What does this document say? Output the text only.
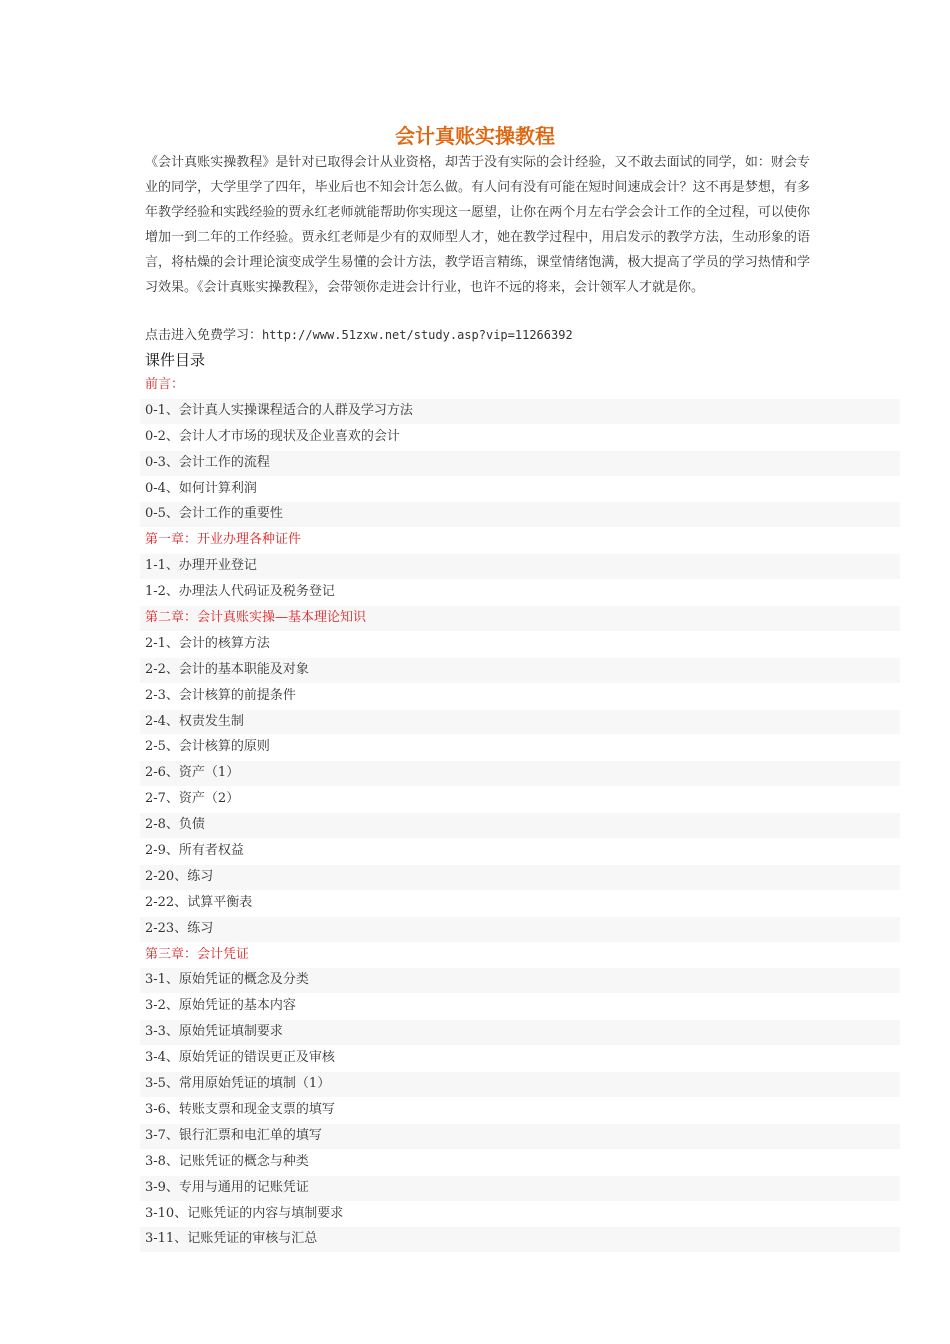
会计真账实操教程

《会计真账实操教程》是针对已取得会计从业资格，却苦于没有实际的会计经验，又不敢去面试的同学，如：财会专业的同学，大学里学了四年，毕业后也不知会计怎么做。有人问有没有可能在短时间速成会计？这不再是梦想，有多年教学经验和实践经验的贾永红老师就能帮助你实现这一愿望，让你在两个月左右学会会计工作的全过程，可以使你增加一到二年的工作经验。贾永红老师是少有的双师型人才，她在教学过程中，用启发示的教学方法，生动形象的语言，将枯燥的会计理论演变成学生易懂的会计方法，教学语言精练，课堂情绪饱满，极大提高了学员的学习热情和学习效果。《会计真账实操教程》，会带领你走进会计行业，也许不远的将来，会计领军人才就是你。

点击进入免费学习：http://www.51zxw.net/study.asp?vip=11266392
课件目录
前言：
0-1、会计真人实操课程适合的人群及学习方法
0-2、会计人才市场的现状及企业喜欢的会计
0-3、会计工作的流程
0-4、如何计算利润
0-5、会计工作的重要性
第一章：开业办理各种证件
1-1、办理开业登记
1-2、办理法人代码证及税务登记
第二章：会计真账实操—基本理论知识
2-1、会计的核算方法
2-2、会计的基本职能及对象
2-3、会计核算的前提条件
2-4、权责发生制
2-5、会计核算的原则
2-6、资产（1）
2-7、资产（2）
2-8、负债
2-9、所有者权益
2-20、练习
2-22、试算平衡表
2-23、练习
第三章：会计凭证
3-1、原始凭证的概念及分类
3-2、原始凭证的基本内容
3-3、原始凭证填制要求
3-4、原始凭证的错误更正及审核
3-5、常用原始凭证的填制（1）
3-6、转账支票和现金支票的填写
3-7、银行汇票和电汇单的填写
3-8、记账凭证的概念与种类
3-9、专用与通用的记账凭证
3-10、记账凭证的内容与填制要求
3-11、记账凭证的审核与汇总
